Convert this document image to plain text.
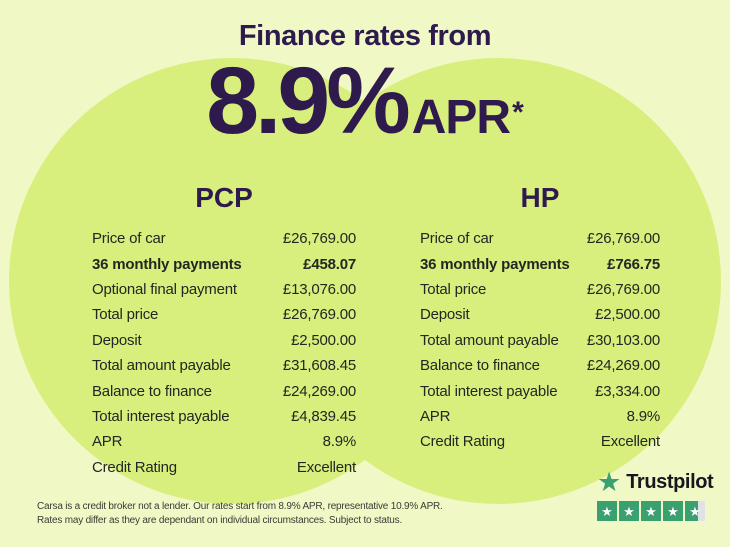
Finance rates from
8.9% APR *
PCP
Price of car	£26,769.00
36 monthly payments	£458.07
Optional final payment	£13,076.00
Total price	£26,769.00
Deposit	£2,500.00
Total amount payable	£31,608.45
Balance to finance	£24,269.00
Total interest payable	£4,839.45
APR	8.9%
Credit Rating	Excellent
HP
Price of car	£26,769.00
36 monthly payments	£766.75
Total price	£26,769.00
Deposit	£2,500.00
Total amount payable £30,103.00
Balance to finance	£24,269.00
Total interest payable	£3,334.00
APR	8.9%
Credit Rating	Excellent
Carsa is a credit broker not a lender. Our rates start from 8.9% APR, representative 10.9% APR.
Rates may differ as they are dependant on individual circumstances. Subject to status.
★ Trustpilot
★ ★ ★ ★ ★
